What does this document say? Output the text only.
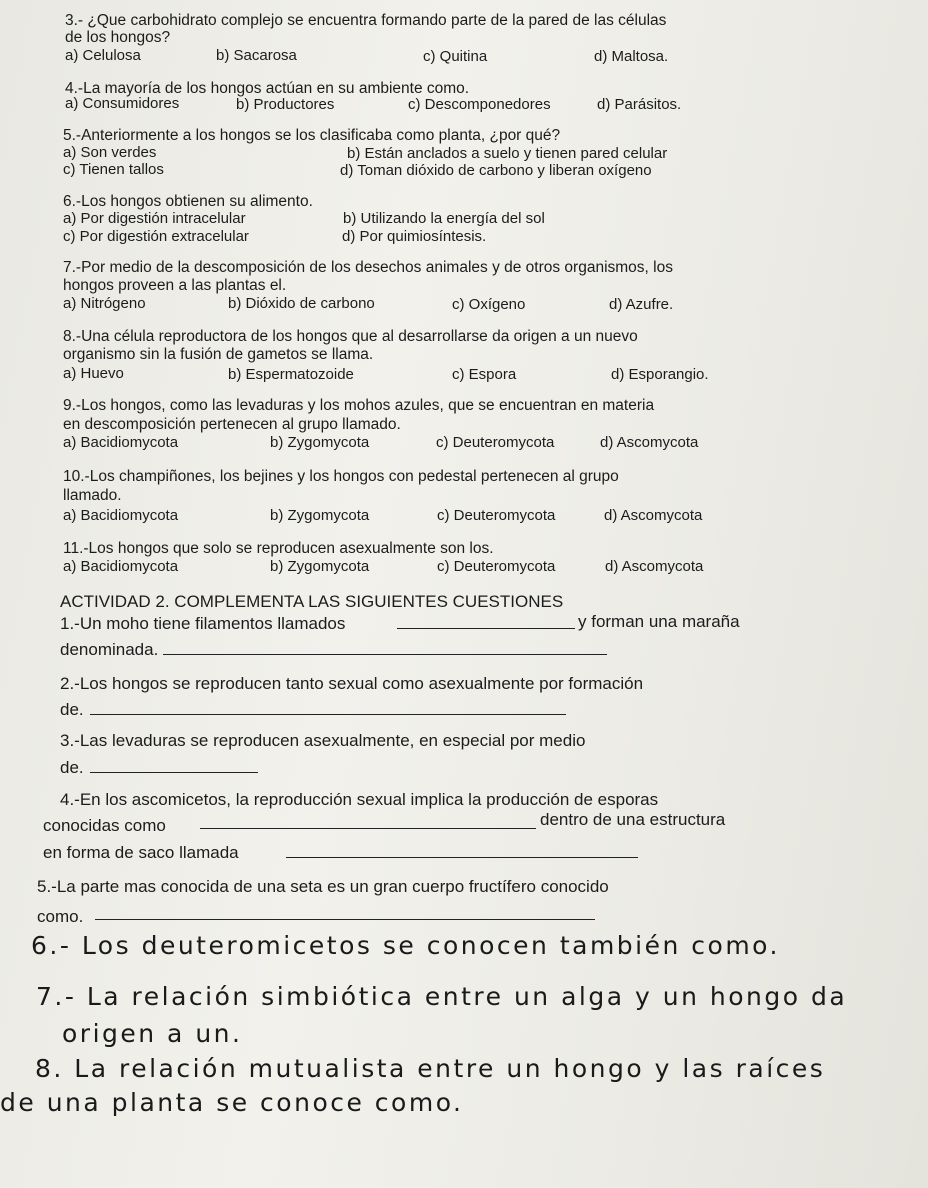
3.- ¿Que carbohidrato complejo se encuentra formando parte de la pared de las células
de los hongos?
a) Celulosa	b) Sacarosa	c) Quitina	d) Maltosa.
4.-La mayoría de los hongos actúan en su ambiente como.
a) Consumidores	b) Productores	c) Descomponedores	d) Parásitos.
5.-Anteriormente a los hongos se los clasificaba como planta, ¿por qué?
a) Son verdes	b) Están anclados a suelo y tienen pared celular
c) Tienen tallos	d) Toman dióxido de carbono y liberan oxígeno
6.-Los hongos obtienen su alimento.
a) Por digestión intracelular	b) Utilizando la energía del sol
c) Por digestión extracelular	d) Por quimiosíntesis.
7.-Por medio de la descomposición de los desechos animales y de otros organismos, los
hongos proveen a las plantas el.
a) Nitrógeno	b) Dióxido de carbono	c) Oxígeno	d) Azufre.
8.-Una célula reproductora de los hongos que al desarrollarse da origen a un nuevo
organismo sin la fusión de gametos se llama.
a) Huevo	b) Espermatozoide	c) Espora	d) Esporangio.
9.-Los hongos, como las levaduras y los mohos azules, que se encuentran en materia
en descomposición pertenecen al grupo llamado.
a) Bacidiomycota	b) Zygomycota	c) Deuteromycota	d) Ascomycota
10.-Los champiñones, los bejines y los hongos con pedestal pertenecen al grupo
llamado.
a) Bacidiomycota	b) Zygomycota	c) Deuteromycota	d) Ascomycota
11.-Los hongos que solo se reproducen asexualmente son los.
a) Bacidiomycota	b) Zygomycota	c) Deuteromycota	d) Ascomycota
ACTIVIDAD 2. COMPLEMENTA LAS SIGUIENTES CUESTIONES
1.-Un moho tiene filamentos llamados	y forman una maraña
denominada.
2.-Los hongos se reproducen tanto sexual como asexualmente por formación
de.
3.-Las levaduras se reproducen asexualmente, en especial por medio
de.
4.-En los ascomicetos, la reproducción sexual implica la producción de esporas
conocidas como	dentro de una estructura
en forma de saco llamada
5.-La parte mas conocida de una seta es un gran cuerpo fructífero conocido
como.
6.- Los deuteromicetos se conocen también como.
7.- La relación simbiótica entre un alga y un hongo da
origen a un.
8. La relación mutualista entre un hongo y las raíces
de una planta se conoce como.
